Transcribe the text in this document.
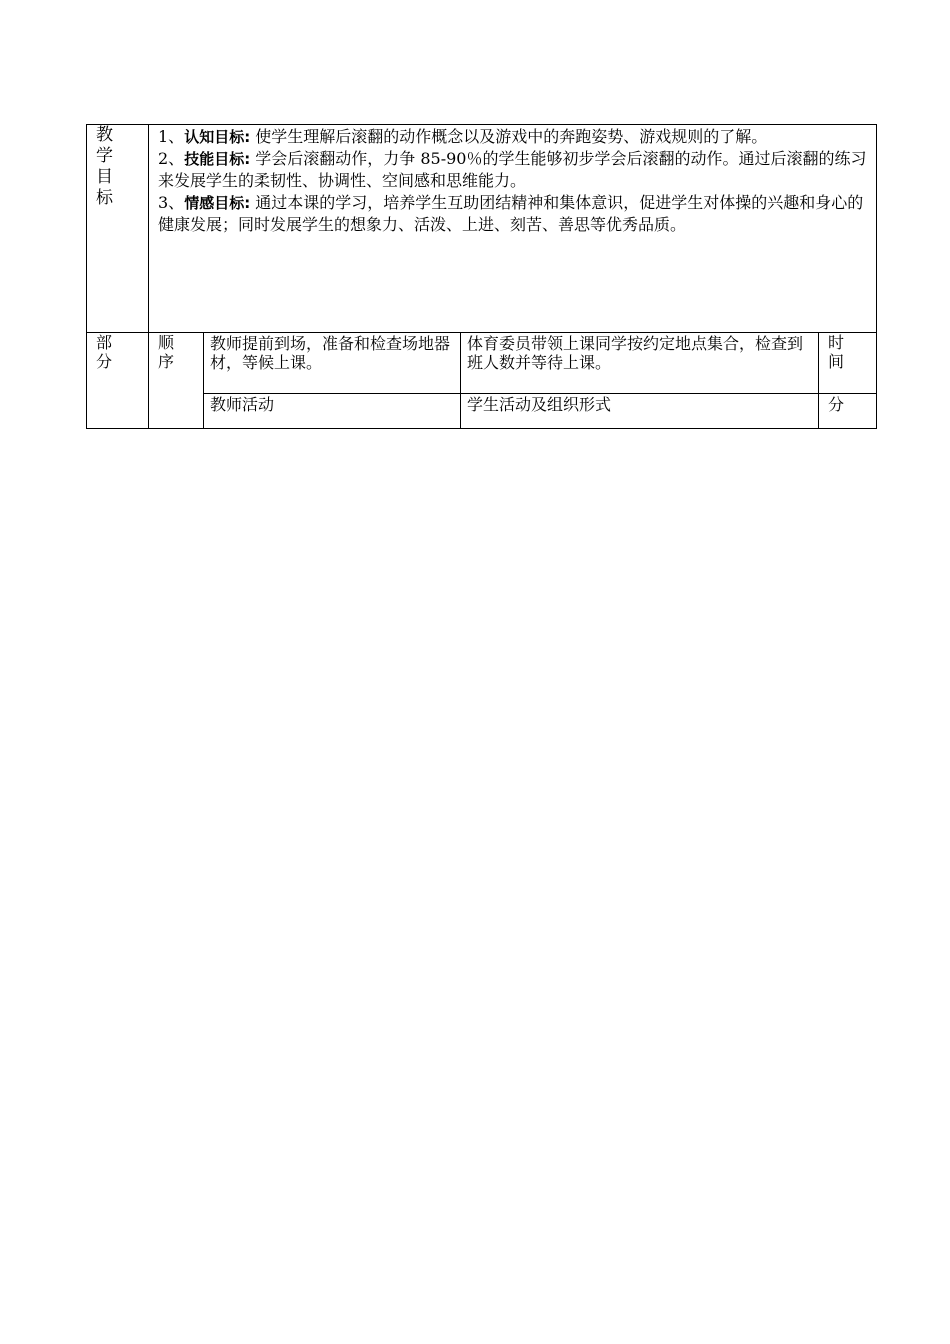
教
学
目
标	1、认知目标: 使学生理解后滚翻的动作概念以及游戏中的奔跑姿势、游戏规则的了解。
2、技能目标: 学会后滚翻动作，力争 85-90％的学生能够初步学会后滚翻的动作。通过后滚翻的练习来发展学生的柔韧性、协调性、空间感和思维能力。
3、情感目标: 通过本课的学习，培养学生互助团结精神和集体意识，促进学生对体操的兴趣和身心的健康发展；同时发展学生的想象力、活泼、上进、刻苦、善思等优秀品质。			

部
分	顺
序	教师提前到场，准备和检查场地器材，等候上课。	体育委员带领上课同学按约定地点集合，检查到班人数并等待上课。	时
间

		教师活动	学生活动及组织形式	分
